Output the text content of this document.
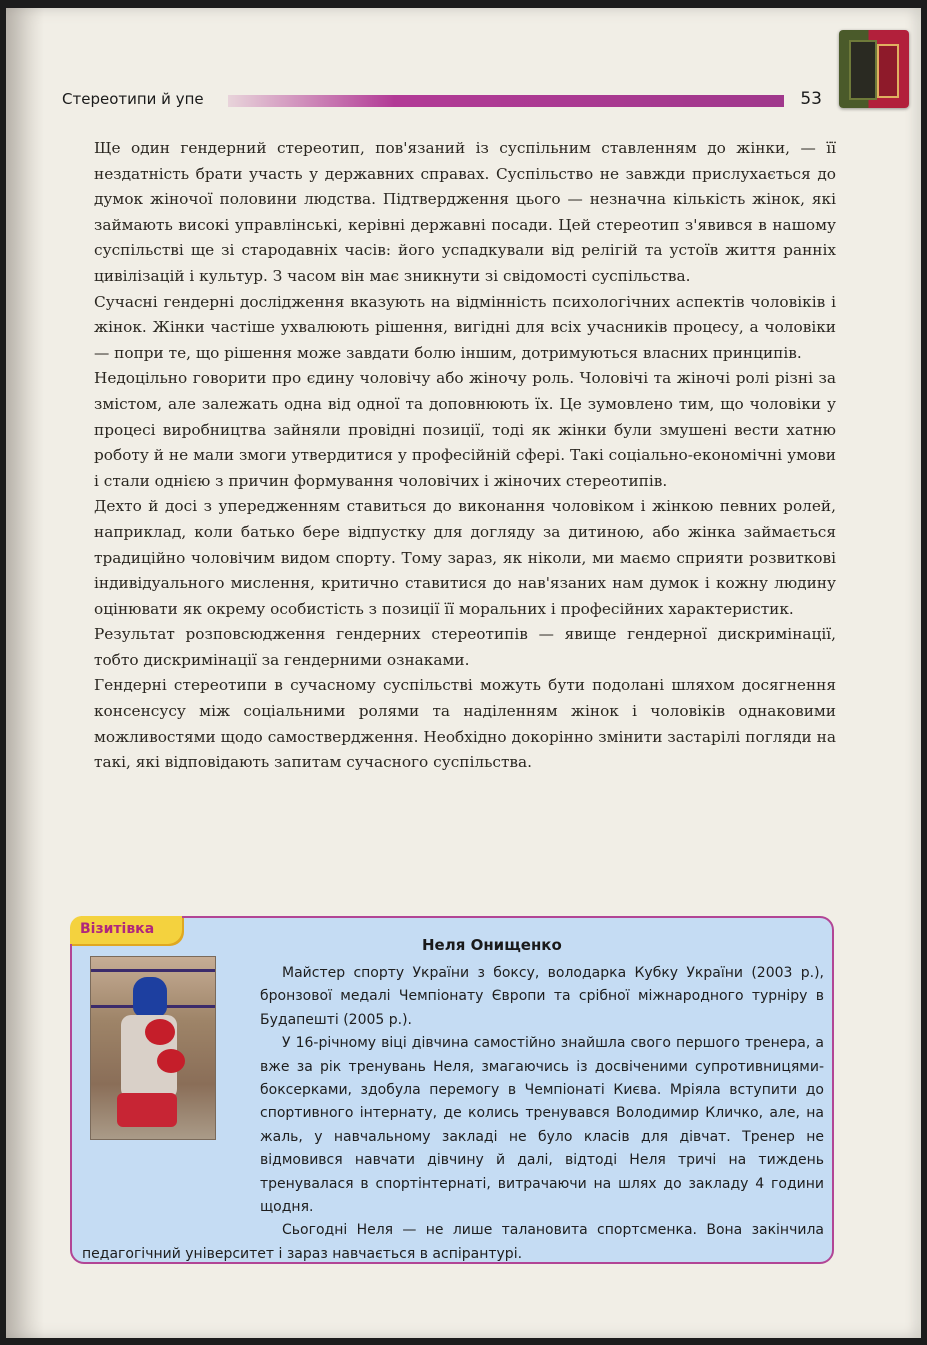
Стереотипи й упе	53

Ще один гендерний стереотип, пов'язаний із суспільним ставленням до жінки, — її нездатність брати участь у державних справах. Суспільство не завжди прислухається до думок жіночої половини людства. Підтвердження цього — незначна кількість жінок, які займають високі управлінські, керівні державні посади. Цей стереотип з'явився в нашому суспільстві ще зі стародавніх часів: його успадкували від релігій та устоїв життя ранніх цивілізацій і культур. З часом він має зникнути зі свідомості суспільства.

Сучасні гендерні дослідження вказують на відмінність психологічних аспектів чоловіків і жінок. Жінки частіше ухвалюють рішення, вигідні для всіх учасників процесу, а чоловіки — попри те, що рішення може завдати болю іншим, дотримуються власних принципів.

Недоцільно говорити про єдину чоловічу або жіночу роль. Чоловічі та жіночі ролі різні за змістом, але залежать одна від одної та доповнюють їх. Це зумовлено тим, що чоловіки у процесі виробництва зайняли провідні позиції, тоді як жінки були змушені вести хатню роботу й не мали змоги утвердитися у професійній сфері. Такі соціально-економічні умови і стали однією з причин формування чоловічих і жіночих стереотипів.

Дехто й досі з упередженням ставиться до виконання чоловіком і жінкою певних ролей, наприклад, коли батько бере відпустку для догляду за дитиною, або жінка займається традиційно чоловічим видом спорту. Тому зараз, як ніколи, ми маємо сприяти розвиткові індивідуального мислення, критично ставитися до нав'язаних нам думок і кожну людину оцінювати як окрему особистість з позиції її моральних і професійних характеристик.

Результат розповсюдження гендерних стереотипів — явище гендерної дискримінації, тобто дискримінації за гендерними ознаками.

Гендерні стереотипи в сучасному суспільстві можуть бути подолані шляхом досягнення консенсусу між соціальними ролями та наділенням жінок і чоловіків однаковими можливостями щодо самоствердження. Необхідно докорінно змінити застарілі погляди на такі, які відповідають запитам сучасного суспільства.

Візитівка
Неля Онищенко

Майстер спорту України з боксу, володарка Кубку України (2003 р.), бронзової медалі Чемпіонату Європи та срібної міжнародного турніру в Будапешті (2005 р.).

У 16-річному віці дівчина самостійно знайшла свого першого тренера, а вже за рік тренувань Неля, змагаючись із досвіченими супротивницями-боксерками, здобула перемогу в Чемпіонаті Києва. Мріяла вступити до спортивного інтернату, де колись тренувався Володимир Кличко, але, на жаль, у навчальному закладі не було класів для дівчат. Тренер не відмовився навчати дівчину й далі, відтоді Неля тричі на тиждень тренувалася в спортінтернаті, витрачаючи на шлях до закладу 4 години щодня.

Сьогодні Неля — не лише талановита спортсменка. Вона закінчила педагогічний університет і зараз навчається в аспірантурі.
